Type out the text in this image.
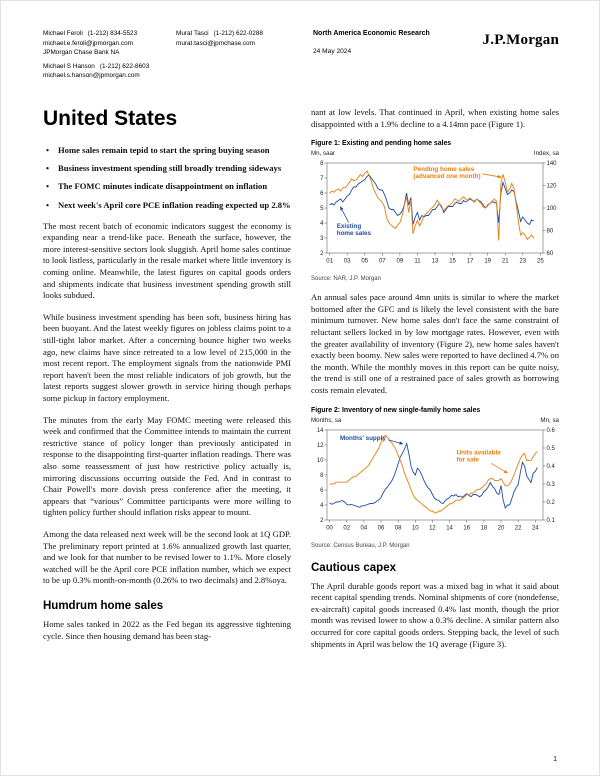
Michael Feroli (1-212) 834-5523
michael.e.feroli@jpmorgan.com
JPMorgan Chase Bank NA
Michael S Hanson (1-212) 622-8603
michael.s.hanson@jpmorgan.com
Murat Tasci (1-212) 622-0288
murat.tasci@jpmchase.com
North America Economic Research
24 May 2024
J.P.Morgan
United States
• Home sales remain tepid to start the spring buying season
• Business investment spending still broadly trending sideways
• The FOMC minutes indicate disappointment on inflation
• Next week's April core PCE inflation reading expected up 2.8%

The most recent batch of economic indicators suggest the economy is expanding near a trend-like pace. Beneath the surface, however, the more interest-sensitive sectors look sluggish. April home sales continue to look listless, particularly in the resale market where little inventory is coming online. Meanwhile, the latest figures on capital goods orders and shipments indicate that business investment spending growth still looks subdued.

While business investment spending has been soft, business hiring has been buoyant. And the latest weekly figures on jobless claims point to a still-tight labor market. After a concerning bounce higher two weeks ago, new claims have since retreated to a low level of 215,000 in the most recent report. The employment signals from the nationwide PMI report haven't been the most reliable indicators of job growth, but the latest reports suggest slower growth in service hiring though perhaps some pickup in factory employment.

The minutes from the early May FOMC meeting were released this week and confirmed that the Committee intends to maintain the current restrictive stance of policy longer than previously anticipated in response to the disappointing first-quarter inflation readings. There was also some reassessment of just how restrictive policy actually is, mirroring discussions occurring outside the Fed. And in contrast to Chair Powell's more dovish press conference after the meeting, it appears that “various” Committee participants were more willing to tighten policy further should inflation risks appear to mount.

Among the data released next week will be the second look at 1Q GDP. The preliminary report printed at 1.6% annualized growth last quarter, and we look for that number to be revised lower to 1.1%. More closely watched will be the April core PCE inflation number, which we expect to be up 0.3% month-on-month (0.26% to two decimals) and 2.8%oya.

Humdrum home sales

Home sales tanked in 2022 as the Fed began its aggressive tightening cycle. Since then housing demand has been stag-

nant at low levels. That continued in April, when existing home sales disappointed with a 1.9% decline to a 4.14mn pace (Figure 1).

Figure 1: Existing and pending home sales
Mn, saar	Index, sa
2
3
4
5
6
7
8
60
80
100
120
140
01 03 05 07 09 11 13 15 17 19 21 23 25
Existing
home sales
Pending home sales
(advanced one month)
Source: NAR, J.P. Morgan

An annual sales pace around 4mn units is similar to where the market bottomed after the GFC and is likely the level consistent with the bare minimum turnover. New home sales don't face the same constraint of reluctant sellers locked in by low mortgage rates. However, even with the greater availability of inventory (Figure 2), new home sales haven't exactly been boomy. New sales were reported to have declined 4.7% on the month. While the monthly moves in this report can be quite noisy, the trend is still one of a restrained pace of sales growth as borrowing costs remain elevated.

Figure 2: Inventory of new single-family home sales
Months, sa	Mn, sa
2
4
6
8
10
12
14
0.1
0.2
0.3
0.4
0.5
0.6
00 02 04 06 08 10 12 14 16 18 20 22 24
Months' supply
Units available
for sale
Source: Census Bureau, J.P. Morgan
Cautious capex

The April durable goods report was a mixed bag in what it said about recent capital spending trends. Nominal shipments of core (nondefense, ex-aircraft) capital goods increased 0.4% last month, though the prior month was revised lower to show a 0.3% decline. A similar pattern also occurred for core capital goods orders. Stepping back, the level of such shipments in April was below the 1Q average (Figure 3).

1
